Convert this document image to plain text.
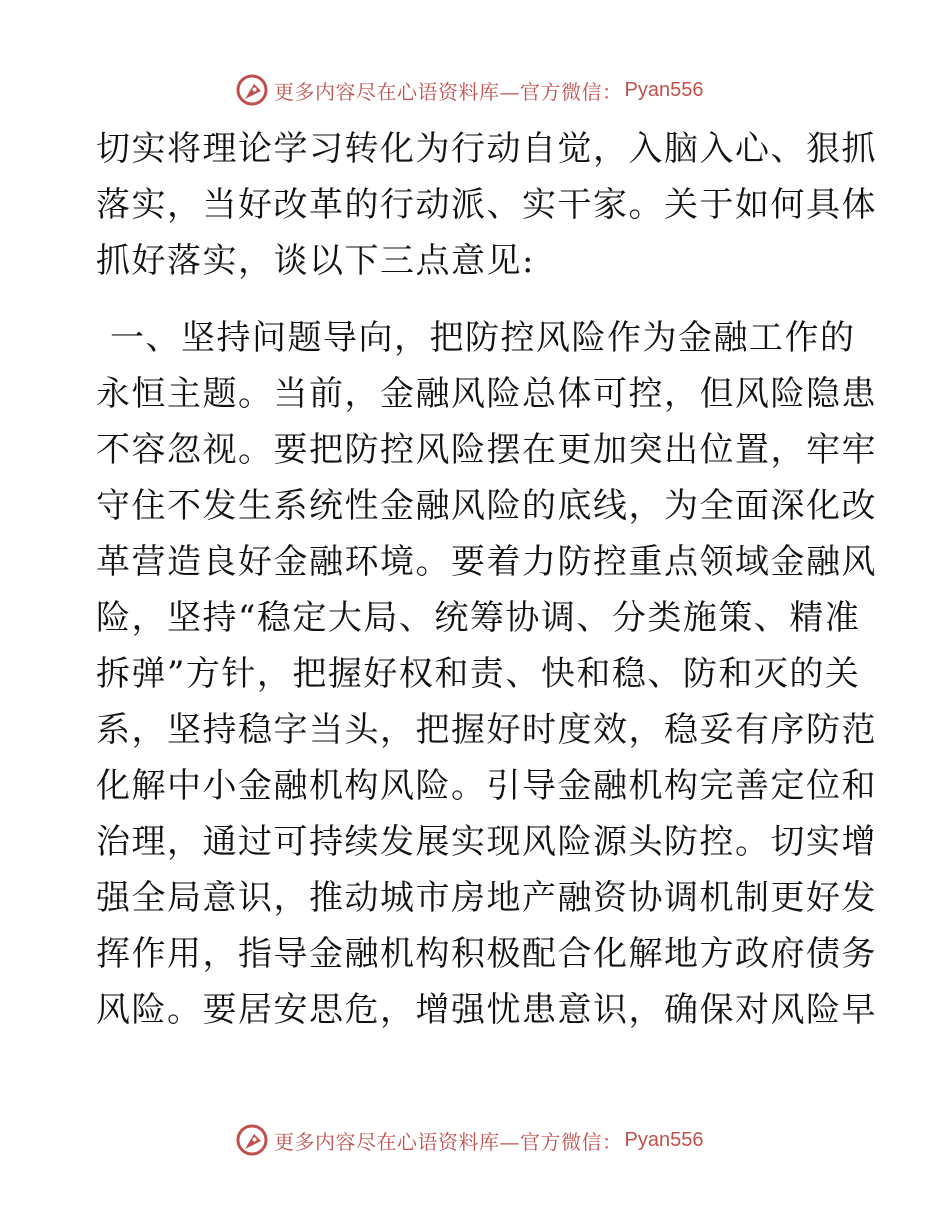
更多内容尽在心语资料库—官方微信： Pyan556
切实将理论学习转化为行动自觉，入脑入心、狠抓
落实，当好改革的行动派、实干家。关于如何具体
抓好落实，谈以下三点意见:
一、坚持问题导向，把防控风险作为金融工作的
永恒主题。当前，金融风险总体可控，但风险隐患
不容忽视。要把防控风险摆在更加突出位置，牢牢
守住不发生系统性金融风险的底线，为全面深化改
革营造良好金融环境。要着力防控重点领域金融风
险，坚持“稳定大局、统筹协调、分类施策、精准
拆弹”方针，把握好权和责、快和稳、防和灭的关
系，坚持稳字当头，把握好时度效，稳妥有序防范
化解中小金融机构风险。引导金融机构完善定位和
治理，通过可持续发展实现风险源头防控。切实增
强全局意识，推动城市房地产融资协调机制更好发
挥作用，指导金融机构积极配合化解地方政府债务
风险。要居安思危，增强忧患意识，确保对风险早
更多内容尽在心语资料库—官方微信： Pyan556
